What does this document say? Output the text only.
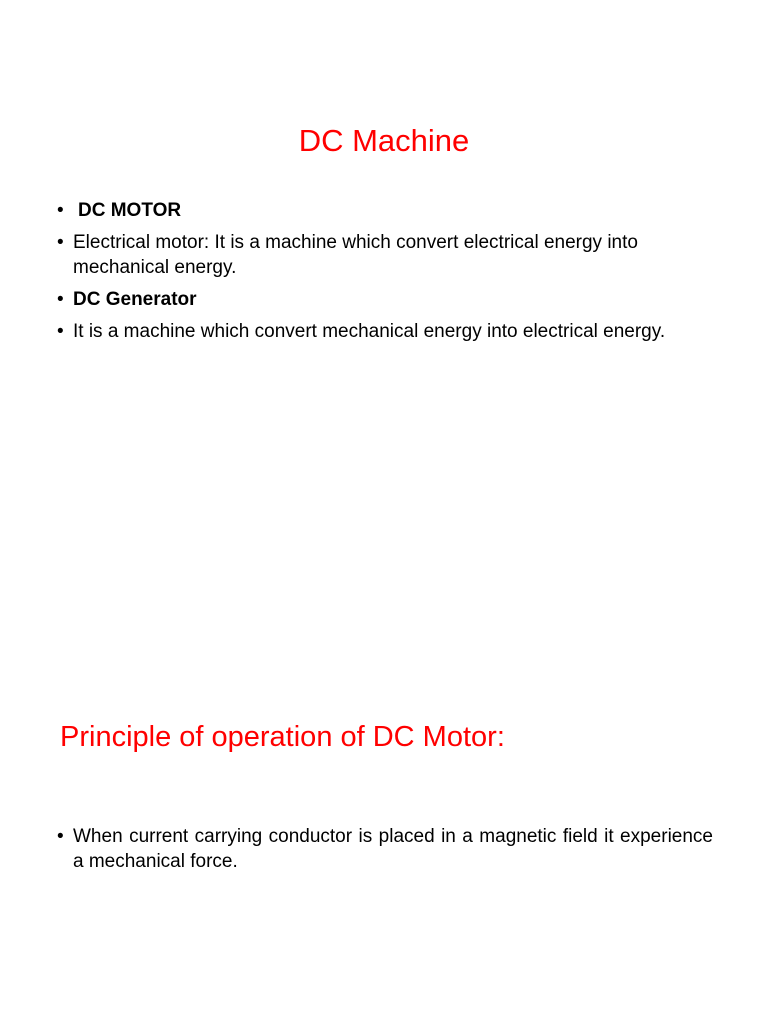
DC Machine
• DC MOTOR
• Electrical motor: It is a machine which convert electrical energy into mechanical energy.
• DC Generator
• It is a machine which convert mechanical energy into electrical energy.
Principle of operation of DC Motor:
• When current carrying conductor is placed in a magnetic field it experience a mechanical force.
